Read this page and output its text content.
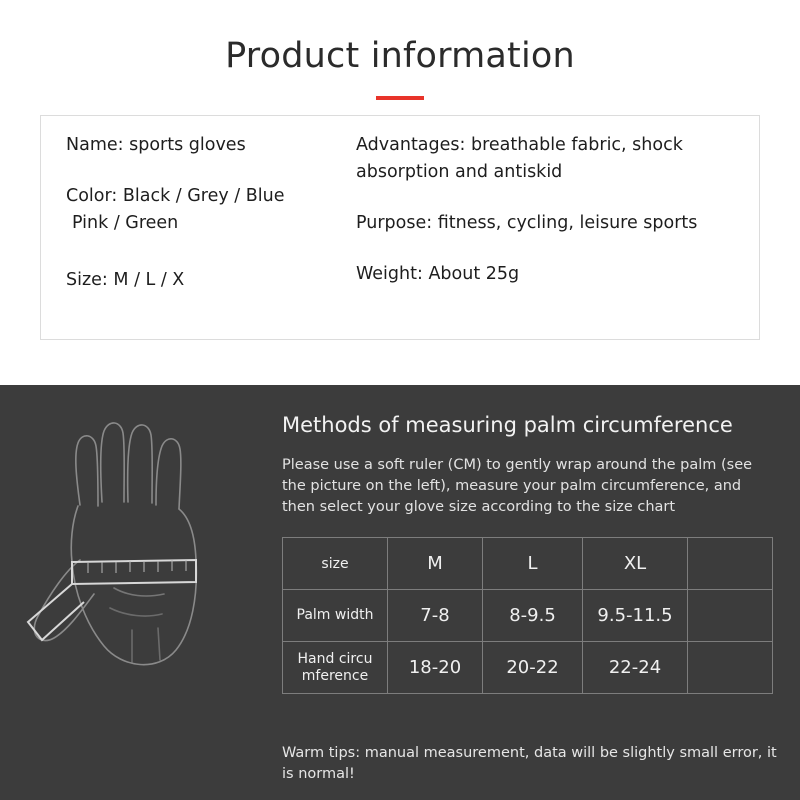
Product information
Name: sports gloves
Color: Black / Grey / Blue
Pink / Green
Size: M / L / X
Advantages: breathable fabric, shock absorption and antiskid
Purpose: fitness, cycling, leisure sports
Weight: About 25g
Methods of measuring palm circumference
Please use a soft ruler (CM) to gently wrap around the palm (see the picture on the left), measure your palm circumference, and then select your glove size according to the size chart
size	M	L	XL	
Palm width	7-8	8-9.5	9.5-11.5	
Hand circu
mference	18-20	20-22	22-24	
Warm tips: manual measurement, data will be slightly small error, it is normal!
